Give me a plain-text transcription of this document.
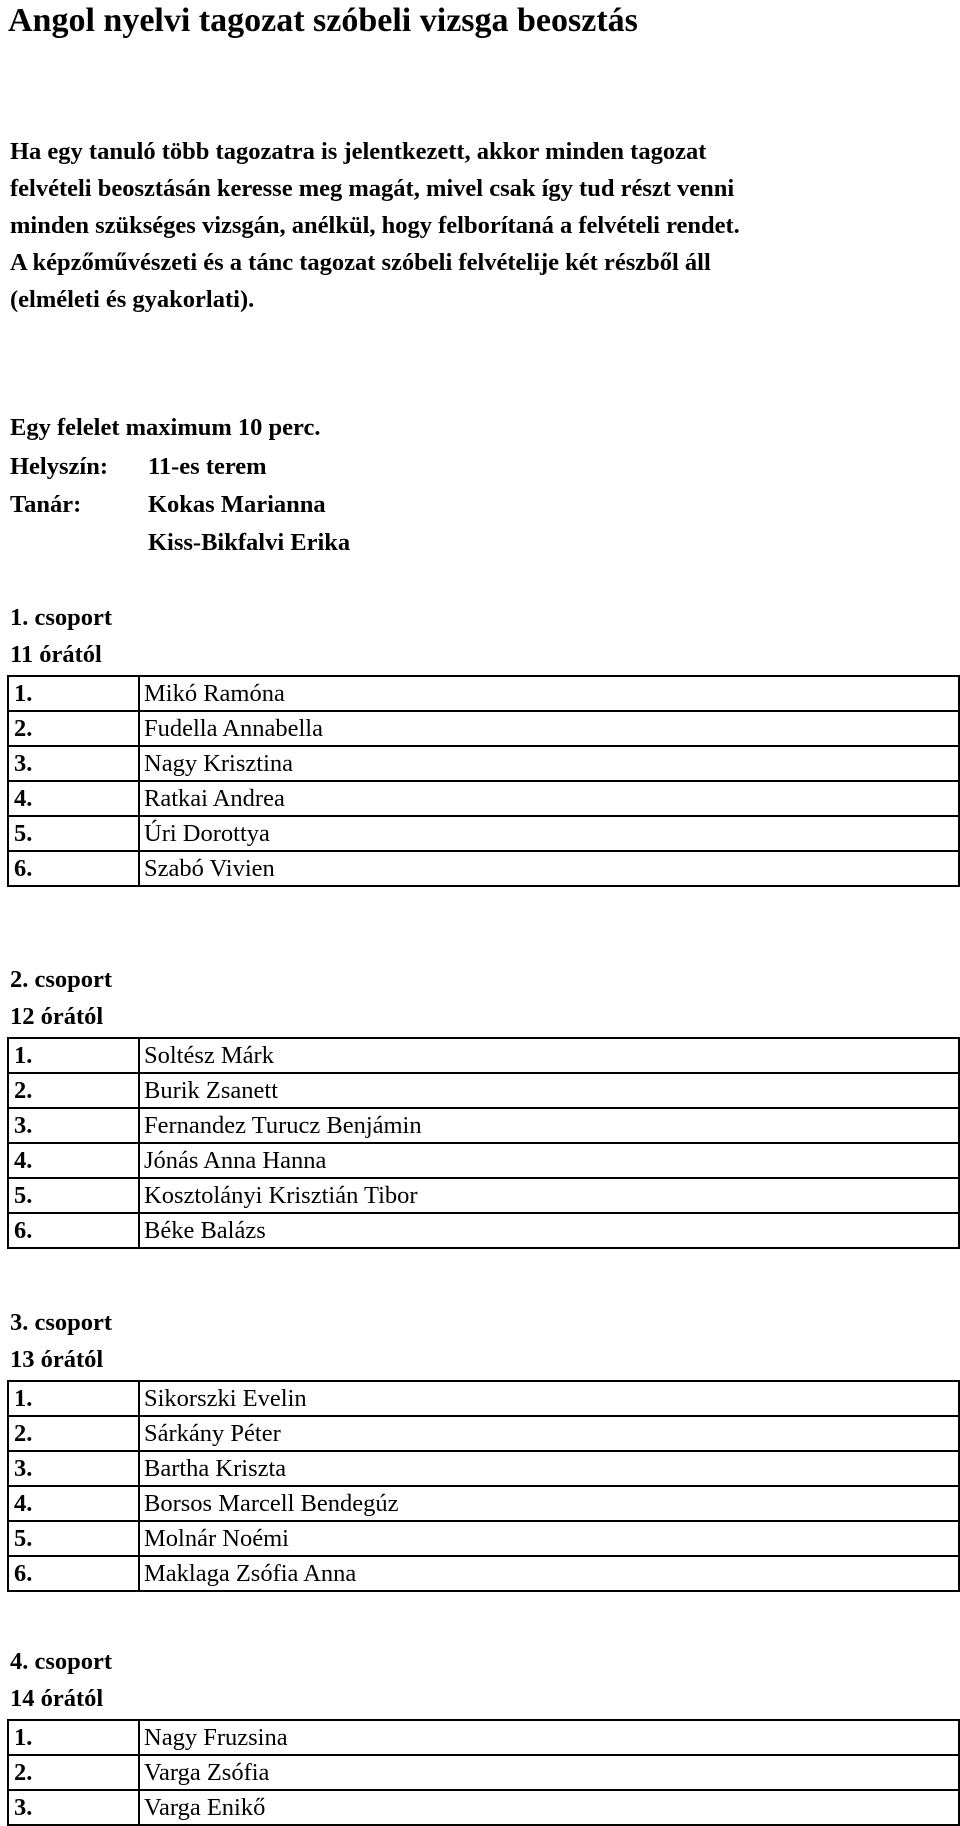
Angol nyelvi tagozat szóbeli vizsga beosztás
Ha egy tanuló több tagozatra is jelentkezett, akkor minden tagozat
felvételi beosztásán keresse meg magát, mivel csak így tud részt venni
minden szükséges vizsgán, anélkül, hogy felborítaná a felvételi rendet.
A képzőművészeti és a tánc tagozat szóbeli felvételije két részből áll
(elméleti és gyakorlati).
Egy felelet maximum 10 perc.
Helyszín: 11-es terem
Tanár:	Kokas Marianna
Kiss-Bikfalvi Erika
1. csoport
11 órától
1.	Mikó Ramóna
2.	Fudella Annabella
3.	Nagy Krisztina
4.	Ratkai Andrea
5.	Úri Dorottya
6.	Szabó Vivien
2. csoport
12 órától
1.	Soltész Márk
2.	Burik Zsanett
3.	Fernandez Turucz Benjámin
4.	Jónás Anna Hanna
5.	Kosztolányi Krisztián Tibor
6.	Béke Balázs
3. csoport
13 órától
1.	Sikorszki Evelin
2.	Sárkány Péter
3.	Bartha Kriszta
4.	Borsos Marcell Bendegúz
5.	Molnár Noémi
6.	Maklaga Zsófia Anna
4. csoport
14 órától
1.	Nagy Fruzsina
2.	Varga Zsófia
3.	Varga Enikő
